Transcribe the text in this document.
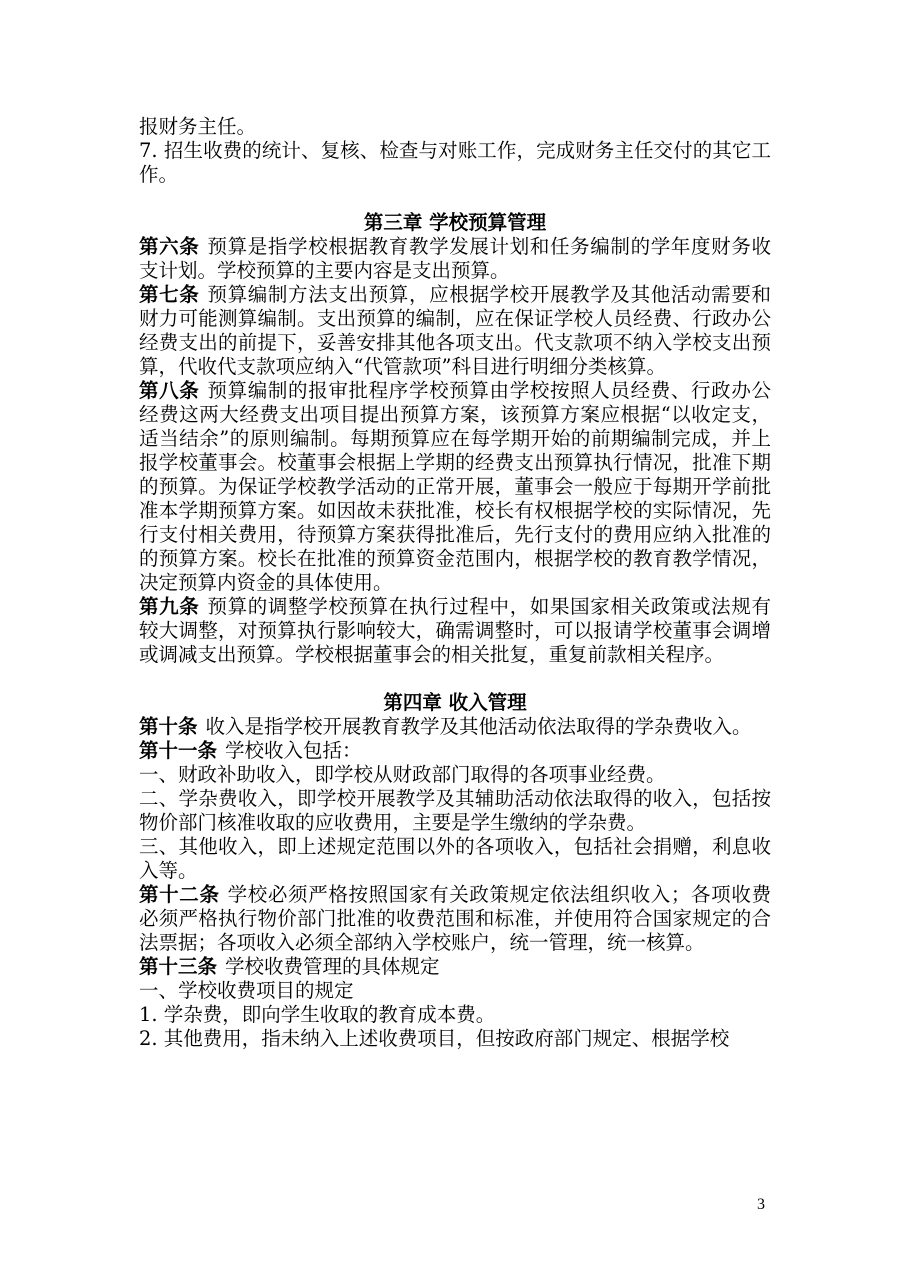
报财务主任。

7. 招生收费的统计、复核、检查与对账工作，完成财务主任交付的其它工作。

第三章 学校预算管理

第六条 预算是指学校根据教育教学发展计划和任务编制的学年度财务收支计划。学校预算的主要内容是支出预算。

第七条 预算编制方法支出预算，应根据学校开展教学及其他活动需要和财力可能测算编制。支出预算的编制，应在保证学校人员经费、行政办公经费支出的前提下，妥善安排其他各项支出。代支款项不纳入学校支出预算，代收代支款项应纳入“代管款项”科目进行明细分类核算。

第八条 预算编制的报审批程序学校预算由学校按照人员经费、行政办公经费这两大经费支出项目提出预算方案，该预算方案应根据“以收定支，适当结余”的原则编制。每期预算应在每学期开始的前期编制完成，并上报学校董事会。校董事会根据上学期的经费支出预算执行情况，批准下期的预算。为保证学校教学活动的正常开展，董事会一般应于每期开学前批准本学期预算方案。如因故未获批准，校长有权根据学校的实际情况，先行支付相关费用，待预算方案获得批准后，先行支付的费用应纳入批准的的预算方案。校长在批准的预算资金范围内，根据学校的教育教学情况，决定预算内资金的具体使用。

第九条 预算的调整学校预算在执行过程中，如果国家相关政策或法规有较大调整，对预算执行影响较大，确需调整时，可以报请学校董事会调增或调减支出预算。学校根据董事会的相关批复，重复前款相关程序。

第四章 收入管理

第十条 收入是指学校开展教育教学及其他活动依法取得的学杂费收入。

第十一条 学校收入包括：

一、财政补助收入，即学校从财政部门取得的各项事业经费。

二、学杂费收入，即学校开展教学及其辅助活动依法取得的收入，包括按物价部门核准收取的应收费用，主要是学生缴纳的学杂费。

三、其他收入，即上述规定范围以外的各项收入，包括社会捐赠，利息收入等。

第十二条 学校必须严格按照国家有关政策规定依法组织收入；各项收费必须严格执行物价部门批准的收费范围和标准，并使用符合国家规定的合法票据；各项收入必须全部纳入学校账户，统一管理，统一核算。

第十三条 学校收费管理的具体规定

一、学校收费项目的规定

1. 学杂费，即向学生收取的教育成本费。

2. 其他费用，指未纳入上述收费项目，但按政府部门规定、根据学校

3
